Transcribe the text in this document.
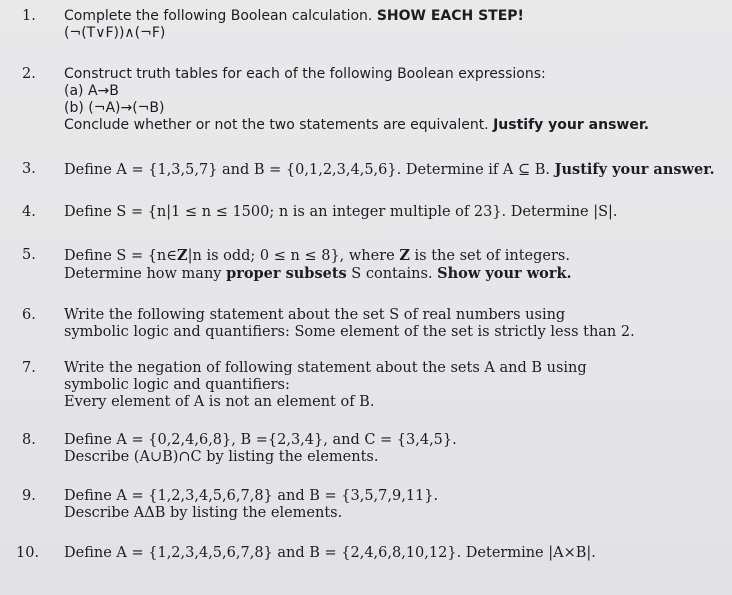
1.	Complete the following Boolean calculation. SHOW EACH STEP!
(¬(T∨F))∧(¬F)
2.	Construct truth tables for each of the following Boolean expressions:
(a) A→B
(b) (¬A)→(¬B)
Conclude whether or not the two statements are equivalent. Justify your answer.
3.	Define A = {1,3,5,7} and B = {0,1,2,3,4,5,6}. Determine if A ⊆ B. Justify your answer.
4.	Define S = {n|1 ≤ n ≤ 1500; n is an integer multiple of 23}. Determine |S|.
5.	Define S = {n∈Z|n is odd; 0 ≤ n ≤ 8}, where Z is the set of integers.
Determine how many proper subsets S contains. Show your work.
6.	Write the following statement about the set S of real numbers using
symbolic logic and quantifiers: Some element of the set is strictly less than 2.
7.	Write the negation of following statement about the sets A and B using
symbolic logic and quantifiers:
Every element of A is not an element of B.
8.	Define A = {0,2,4,6,8}, B ={2,3,4}, and C = {3,4,5}.
Describe (A∪B)∩C by listing the elements.
9.	Define A = {1,2,3,4,5,6,7,8} and B = {3,5,7,9,11}.
Describe AΔB by listing the elements.
10.	Define A = {1,2,3,4,5,6,7,8} and B = {2,4,6,8,10,12}. Determine |A×B|.
